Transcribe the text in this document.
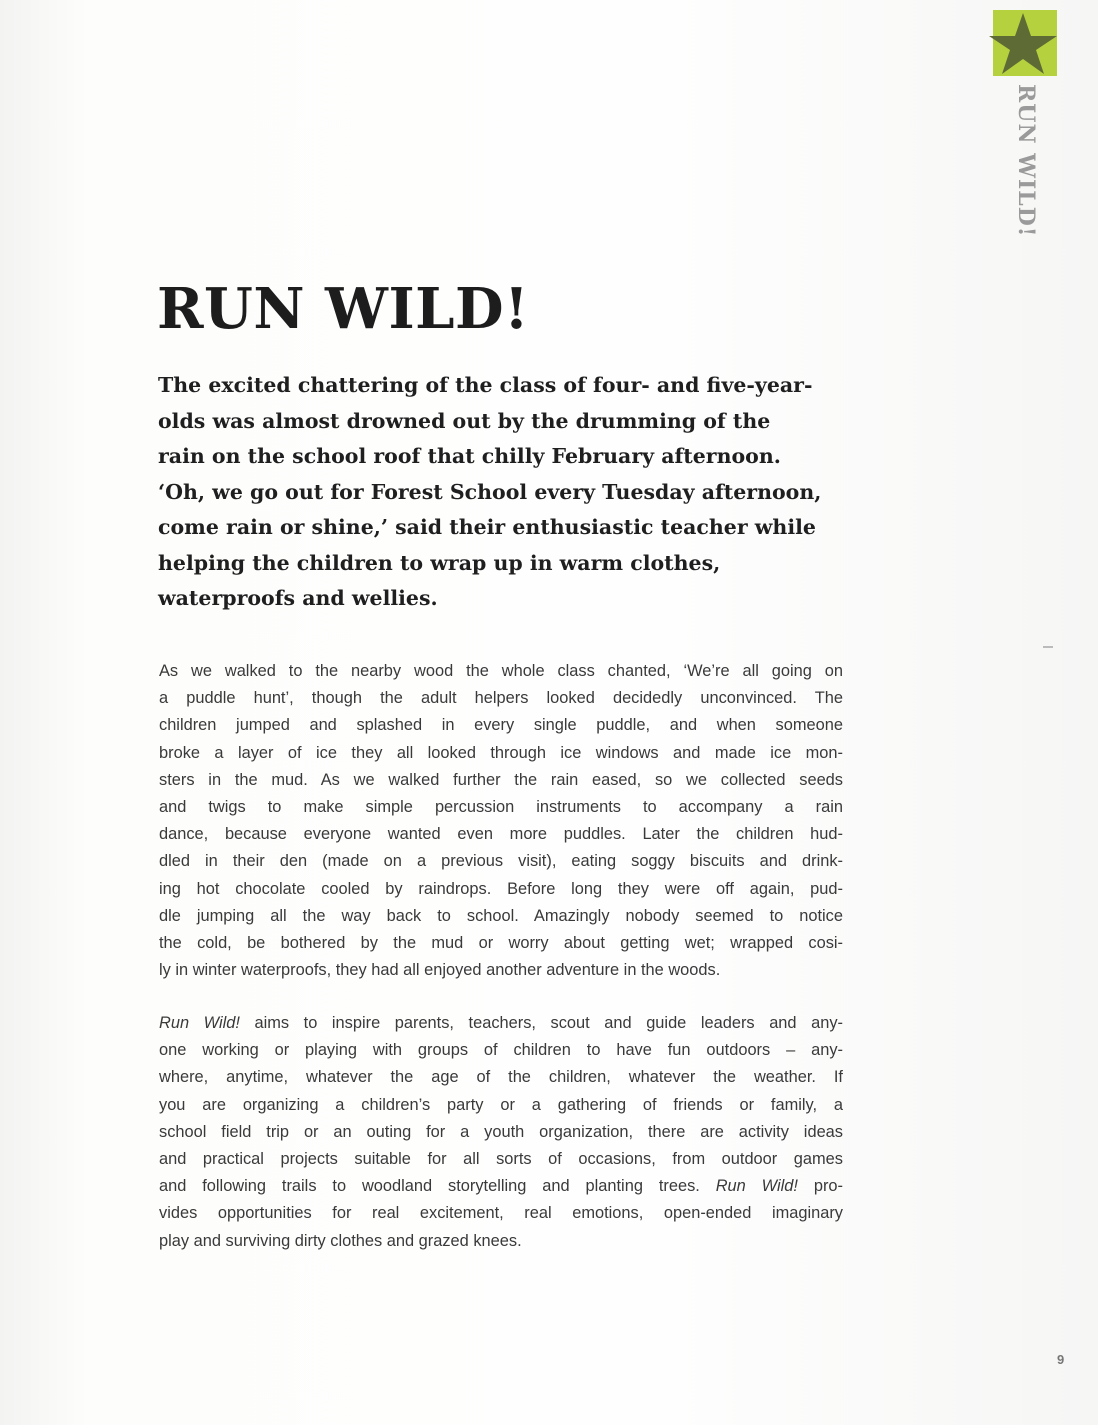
RUN WILD!
RUN WILD!

The excited chattering of the class of four- and five-year-
olds was almost drowned out by the drumming of the
rain on the school roof that chilly February afternoon.
‘Oh, we go out for Forest School every Tuesday afternoon,
come rain or shine,’ said their enthusiastic teacher while
helping the children to wrap up in warm clothes,
waterproofs and wellies.

As we walked to the nearby wood the whole class chanted, ‘We’re all going on
a puddle hunt’, though the adult helpers looked decidedly unconvinced. The
children jumped and splashed in every single puddle, and when someone
broke a layer of ice they all looked through ice windows and made ice mon-
sters in the mud. As we walked further the rain eased, so we collected seeds
and twigs to make simple percussion instruments to accompany a rain
dance, because everyone wanted even more puddles. Later the children hud-
dled in their den (made on a previous visit), eating soggy biscuits and drink-
ing hot chocolate cooled by raindrops. Before long they were off again, pud-
dle jumping all the way back to school. Amazingly nobody seemed to notice
the cold, be bothered by the mud or worry about getting wet; wrapped cosi-
ly in winter waterproofs, they had all enjoyed another adventure in the woods.

Run Wild! aims to inspire parents, teachers, scout and guide leaders and any-
one working or playing with groups of children to have fun outdoors – any-
where, anytime, whatever the age of the children, whatever the weather. If
you are organizing a children’s party or a gathering of friends or family, a
school field trip or an outing for a youth organization, there are activity ideas
and practical projects suitable for all sorts of occasions, from outdoor games
and following trails to woodland storytelling and planting trees. Run Wild! pro-
vides opportunities for real excitement, real emotions, open-ended imaginary
play and surviving dirty clothes and grazed knees.

9
